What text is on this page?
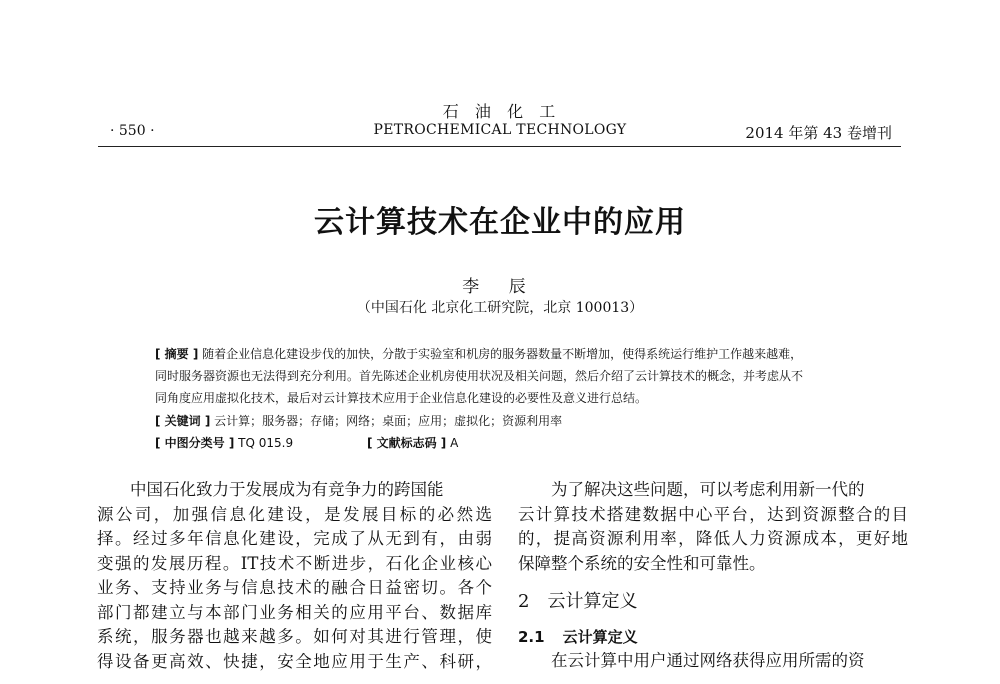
石  油  化  工
· 550 ·	PETROCHEMICAL TECHNOLOGY	2014 年第 43 卷增刊
云计算技术在企业中的应用
李 辰
（中国石化 北京化工研究院，北京 100013）
[ 摘要 ] 随着企业信息化建设步伐的加快，分散于实验室和机房的服务器数量不断增加，使得系统运行维护工作越来越难，
同时服务器资源也无法得到充分利用。首先陈述企业机房使用状况及相关问题，然后介绍了云计算技术的概念，并考虑从不
同角度应用虚拟化技术，最后对云计算技术应用于企业信息化建设的必要性及意义进行总结。
[ 关键词 ] 云计算；服务器；存储；网络；桌面；应用；虚拟化；资源利用率
[ 中图分类号 ] TQ 015.9	[ 文献标志码 ] A

中国石化致力于发展成为有竞争力的跨国能

源公司，加强信息化建设，是发展目标的必然选

择。经过多年信息化建设，完成了从无到有，由弱

变强的发展历程。IT技术不断进步，石化企业核心

业务、支持业务与信息技术的融合日益密切。各个

部门都建立与本部门业务相关的应用平台、数据库

系统，服务器也越来越多。如何对其进行管理，使

得设备更高效、快捷，安全地应用于生产、科研，

为了解决这些问题，可以考虑利用新一代的

云计算技术搭建数据中心平台，达到资源整合的目

的，提高资源利用率，降低人力资源成本，更好地

保障整个系统的安全性和可靠性。

2 云计算定义

2.1 云计算定义

在云计算中用户通过网络获得应用所需的资
